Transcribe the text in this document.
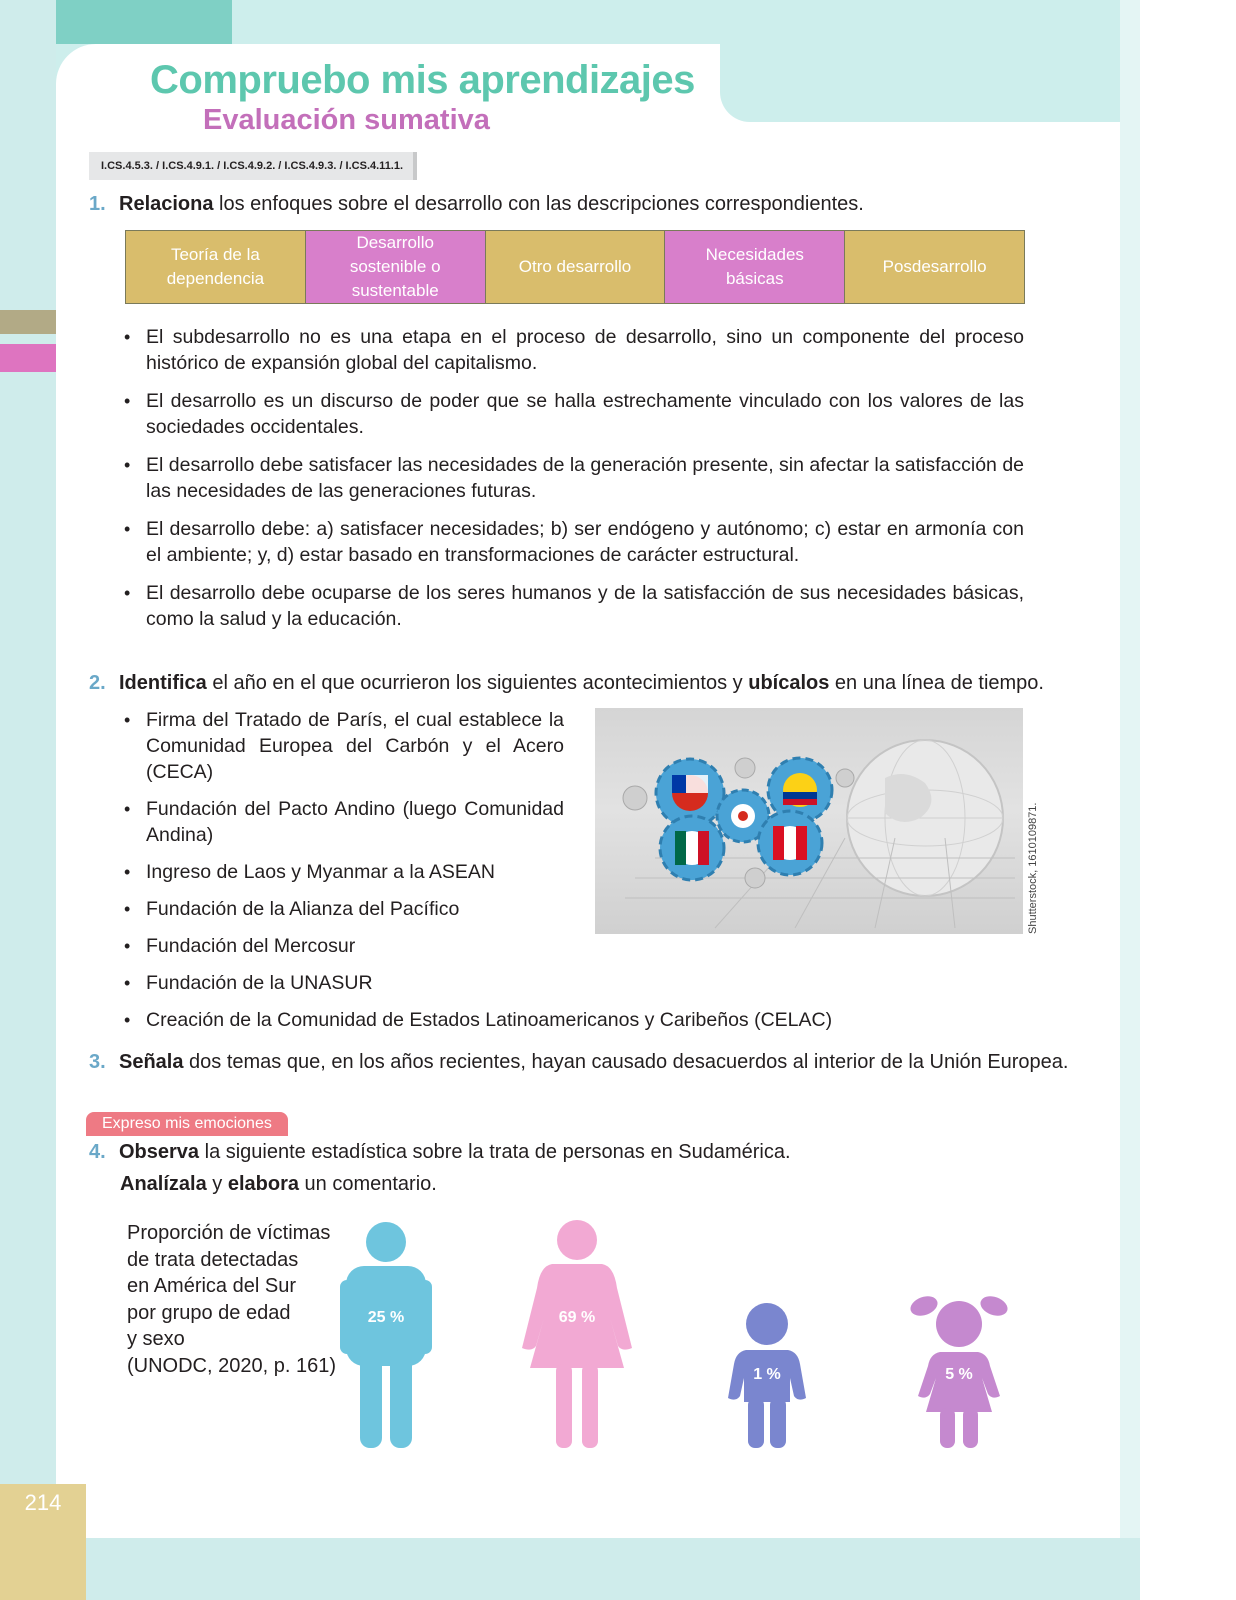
214
Compruebo mis aprendizajes
Evaluación sumativa
I.CS.4.5.3. / I.CS.4.9.1. / I.CS.4.9.2. / I.CS.4.9.3. / I.CS.4.11.1.
1. Relaciona los enfoques sobre el desarrollo con las descripciones correspondientes.
Teoría de la
dependencia
Desarrollo
sostenible o
sustentable
Otro desarrollo
Necesidades
básicas
Posdesarrollo
• El subdesarrollo no es una etapa en el proceso de desarrollo, sino un componente del proceso histórico de expansión global del capitalismo.
• El desarrollo es un discurso de poder que se halla estrechamente vinculado con los valores de las sociedades occidentales.
• El desarrollo debe satisfacer las necesidades de la generación presente, sin afectar la satisfacción de las necesidades de las generaciones futuras.
• El desarrollo debe: a) satisfacer necesidades; b) ser endógeno y autónomo; c) estar en armonía con el ambiente; y, d) estar basado en transformaciones de carácter estructural.
• El desarrollo debe ocuparse de los seres humanos y de la satisfacción de sus necesidades básicas, como la salud y la educación.
2. Identifica el año en el que ocurrieron los siguientes acontecimientos y ubícalos en una línea de tiempo.
• Firma del Tratado de París, el cual establece la Comunidad Europea del Carbón y el Acero (CECA)
• Fundación del Pacto Andino (luego Comunidad Andina)
• Ingreso de Laos y Myanmar a la ASEAN
• Fundación de la Alianza del Pacífico
• Fundación del Mercosur
• Fundación de la UNASUR
• Creación de la Comunidad de Estados Latinoamericanos y Caribeños (CELAC)
Shutterstock, 1610109871.
3. Señala dos temas que, en los años recientes, hayan causado desacuerdos al interior de la Unión Europea.
Expreso mis emociones
4. Observa la siguiente estadística sobre la trata de personas en Sudamérica.
Analízala y elabora un comentario.
Proporción de víctimas
de trata detectadas
en América del Sur
por grupo de edad
y sexo
(UNODC, 2020, p. 161)
25 %	69 %
1 %	5 %
